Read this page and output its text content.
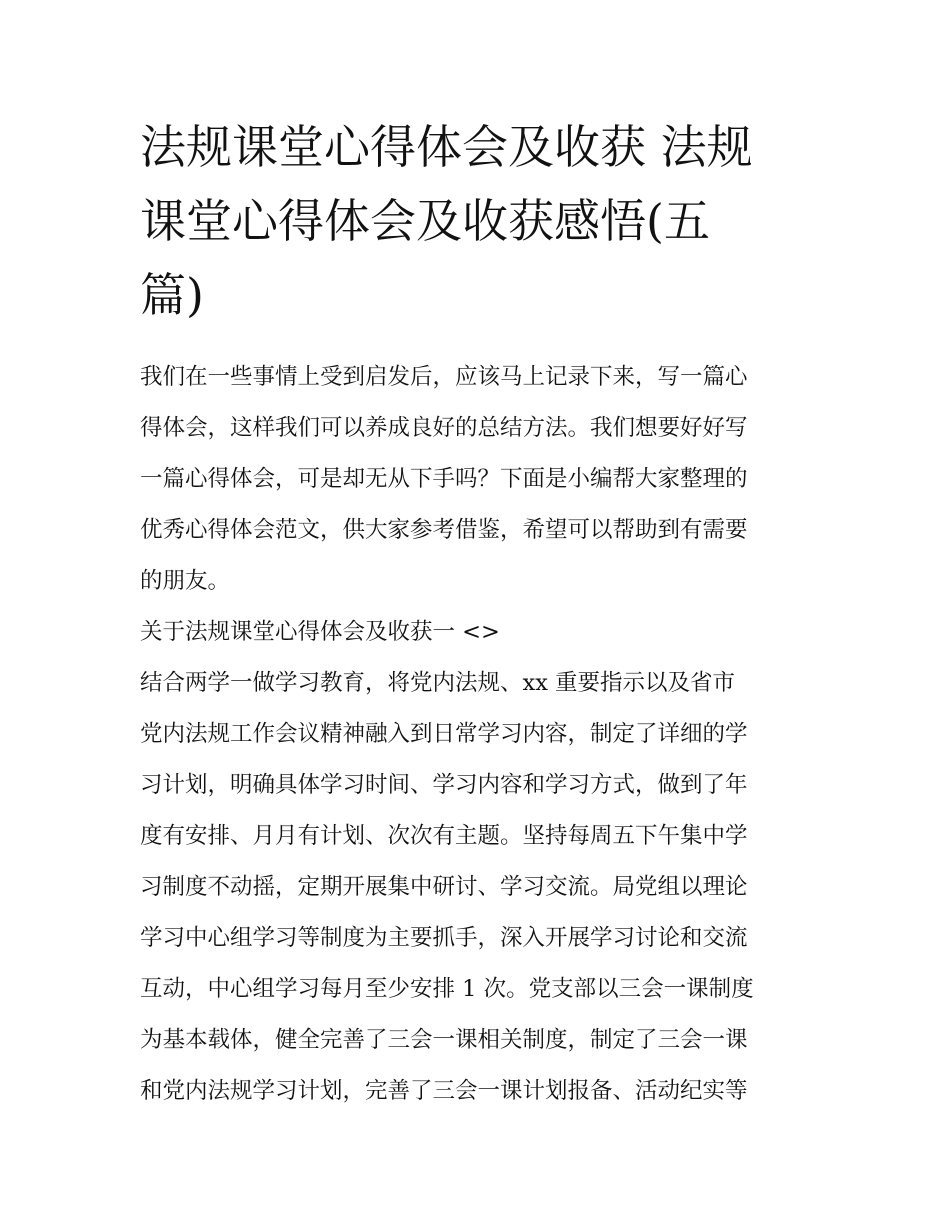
法规课堂心得体会及收获 法规
课堂心得体会及收获感悟(五
篇)
我们在一些事情上受到启发后，应该马上记录下来，写一篇心
得体会，这样我们可以养成良好的总结方法。我们想要好好写
一篇心得体会，可是却无从下手吗？下面是小编帮大家整理的
优秀心得体会范文，供大家参考借鉴，希望可以帮助到有需要
的朋友。
关于法规课堂心得体会及收获一 <>
结合两学一做学习教育，将党内法规、xx 重要指示以及省市
党内法规工作会议精神融入到日常学习内容，制定了详细的学
习计划，明确具体学习时间、学习内容和学习方式，做到了年
度有安排、月月有计划、次次有主题。坚持每周五下午集中学
习制度不动摇，定期开展集中研讨、学习交流。局党组以理论
学习中心组学习等制度为主要抓手，深入开展学习讨论和交流
互动，中心组学习每月至少安排 1 次。党支部以三会一课制度
为基本载体，健全完善了三会一课相关制度，制定了三会一课
和党内法规学习计划，完善了三会一课计划报备、活动纪实等
